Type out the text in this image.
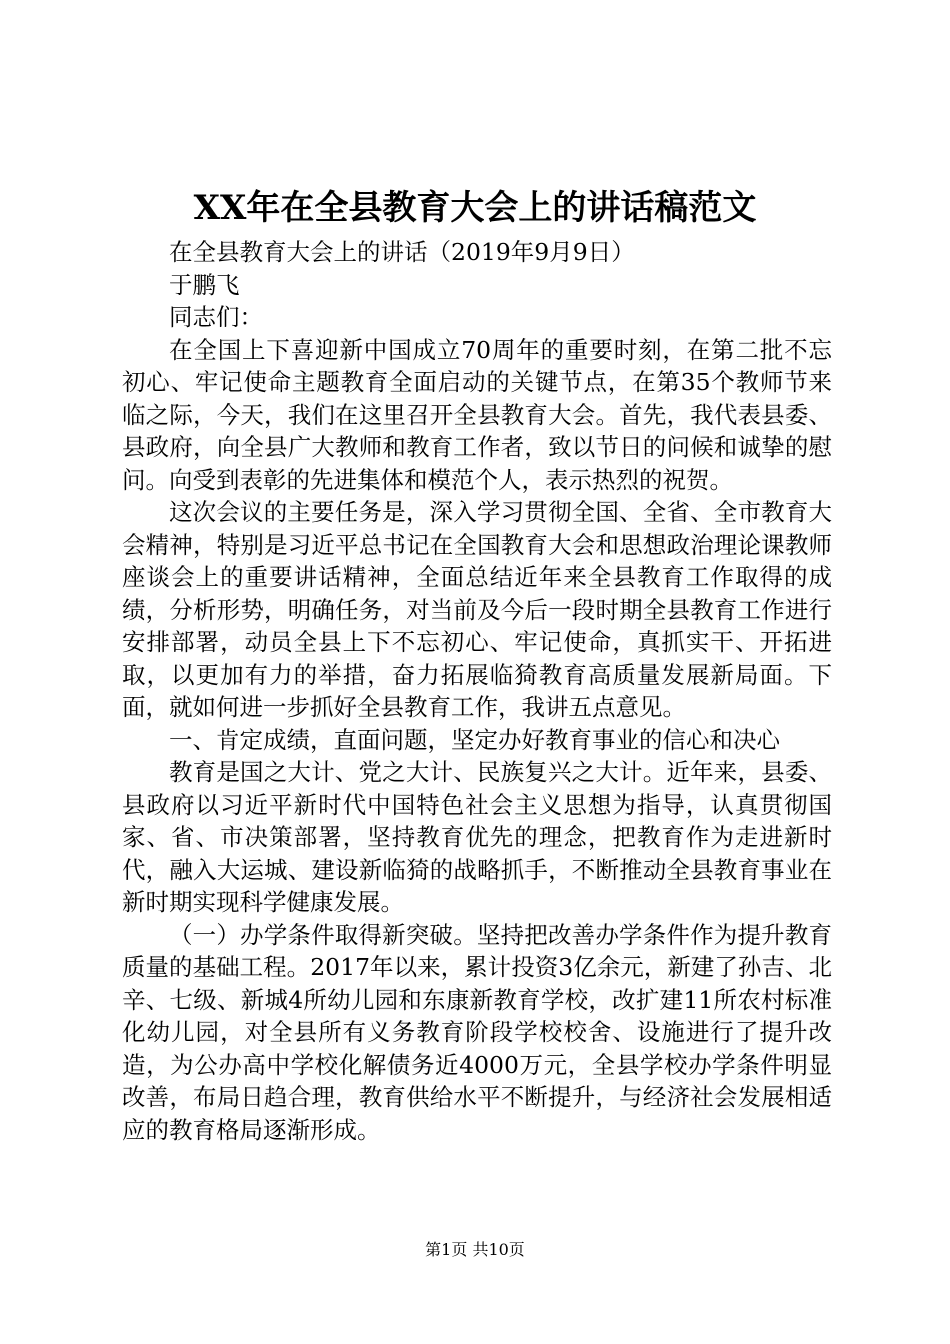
XX年在全县教育大会上的讲话稿范文

在全县教育大会上的讲话（2019年9月9日）

于鹏飞

同志们：

在全国上下喜迎新中国成立70周年的重要时刻，在第二批不忘初心、牢记使命主题教育全面启动的关键节点，在第35个教师节来临之际，今天，我们在这里召开全县教育大会。首先，我代表县委、县政府，向全县广大教师和教育工作者，致以节日的问候和诚挚的慰问。向受到表彰的先进集体和模范个人，表示热烈的祝贺。

这次会议的主要任务是，深入学习贯彻全国、全省、全市教育大会精神，特别是习近平总书记在全国教育大会和思想政治理论课教师座谈会上的重要讲话精神，全面总结近年来全县教育工作取得的成绩，分析形势，明确任务，对当前及今后一段时期全县教育工作进行安排部署，动员全县上下不忘初心、牢记使命，真抓实干、开拓进取，以更加有力的举措，奋力拓展临猗教育高质量发展新局面。下面，就如何进一步抓好全县教育工作，我讲五点意见。

一、肯定成绩，直面问题，坚定办好教育事业的信心和决心

教育是国之大计、党之大计、民族复兴之大计。近年来，县委、县政府以习近平新时代中国特色社会主义思想为指导，认真贯彻国家、省、市决策部署，坚持教育优先的理念，把教育作为走进新时代，融入大运城、建设新临猗的战略抓手，不断推动全县教育事业在新时期实现科学健康发展。

（一）办学条件取得新突破。坚持把改善办学条件作为提升教育质量的基础工程。2017年以来，累计投资3亿余元，新建了孙吉、北辛、七级、新城4所幼儿园和东康新教育学校，改扩建11所农村标准化幼儿园，对全县所有义务教育阶段学校校舍、设施进行了提升改造，为公办高中学校化解债务近4000万元，全县学校办学条件明显改善，布局日趋合理，教育供给水平不断提升，与经济社会发展相适应的教育格局逐渐形成。

第1页 共10页
